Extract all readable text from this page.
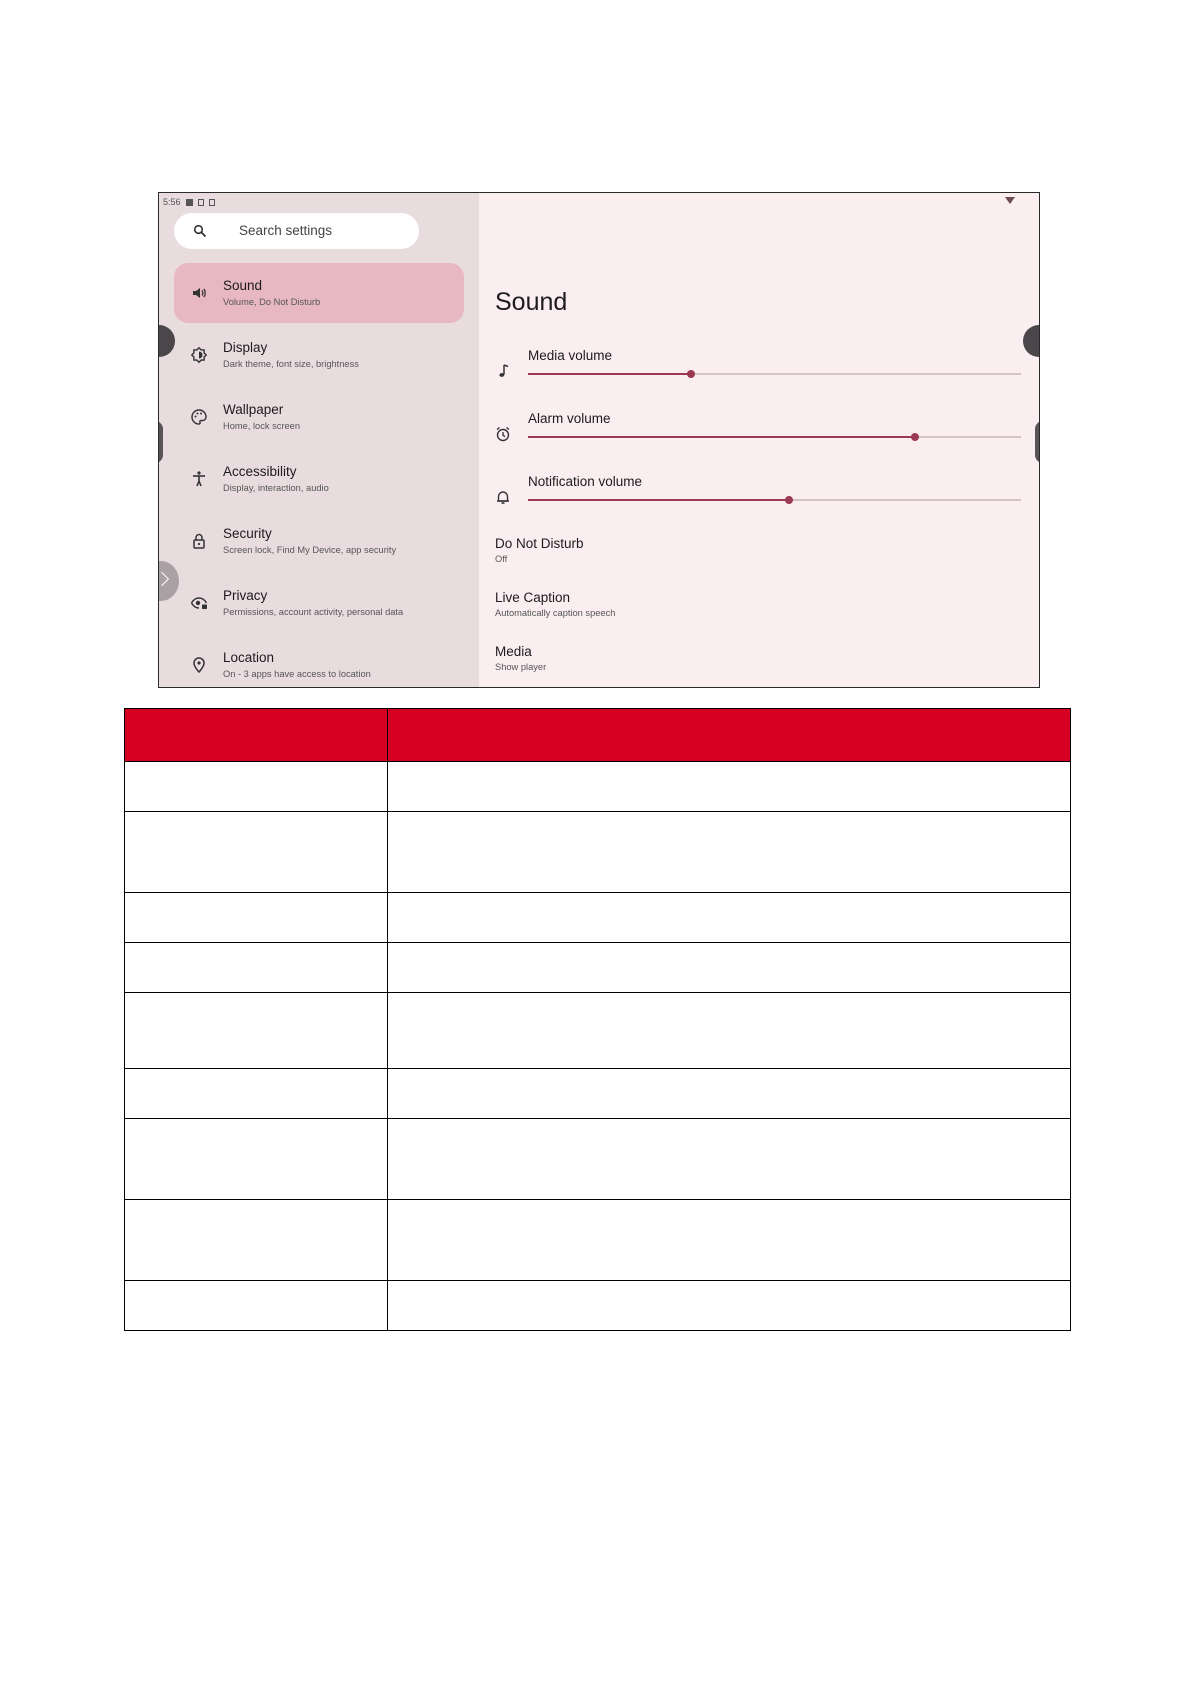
5:56
Search settings
Sound
Volume, Do Not Disturb
Display
Dark theme, font size, brightness
Wallpaper
Home, lock screen
Accessibility
Display, interaction, audio
Security
Screen lock, Find My Device, app security
Privacy
Permissions, account activity, personal data
Location
On - 3 apps have access to location
Sound
Media volume
Alarm volume
Notification volume
Do Not Disturb
Off
Live Caption
Automatically caption speech
Media
Show player
